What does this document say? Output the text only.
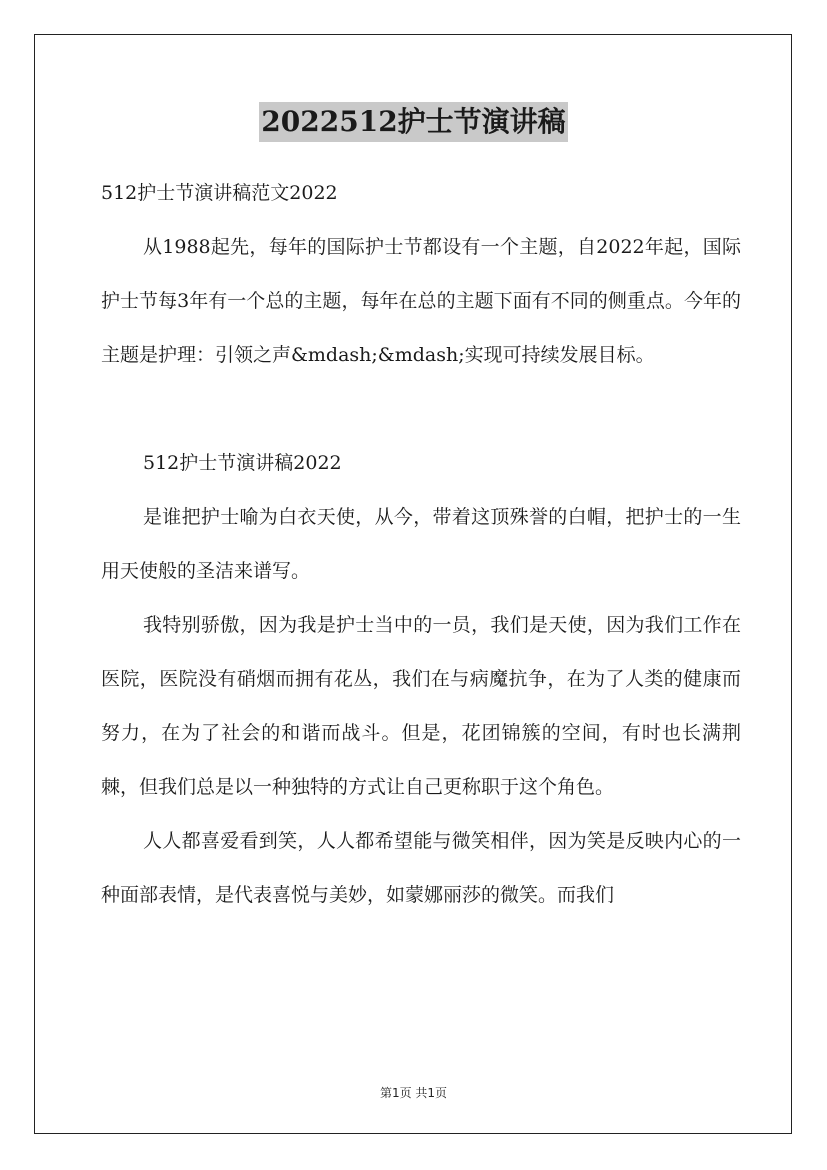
2022512护士节演讲稿

512护士节演讲稿范文2022

从1988起先，每年的国际护士节都设有一个主题，自2022年起，国际护士节每3年有一个总的主题，每年在总的主题下面有不同的侧重点。今年的主题是护理：引领之声&mdash;&mdash;实现可持续发展目标。

512护士节演讲稿2022

是谁把护士喻为白衣天使，从今，带着这顶殊誉的白帽，把护士的一生用天使般的圣洁来谱写。

我特别骄傲，因为我是护士当中的一员，我们是天使，因为我们工作在医院，医院没有硝烟而拥有花丛，我们在与病魔抗争，在为了人类的健康而努力，在为了社会的和谐而战斗。但是，花团锦簇的空间，有时也长满荆棘，但我们总是以一种独特的方式让自己更称职于这个角色。

人人都喜爱看到笑，人人都希望能与微笑相伴，因为笑是反映内心的一种面部表情，是代表喜悦与美妙，如蒙娜丽莎的微笑。而我们

第1页 共1页
